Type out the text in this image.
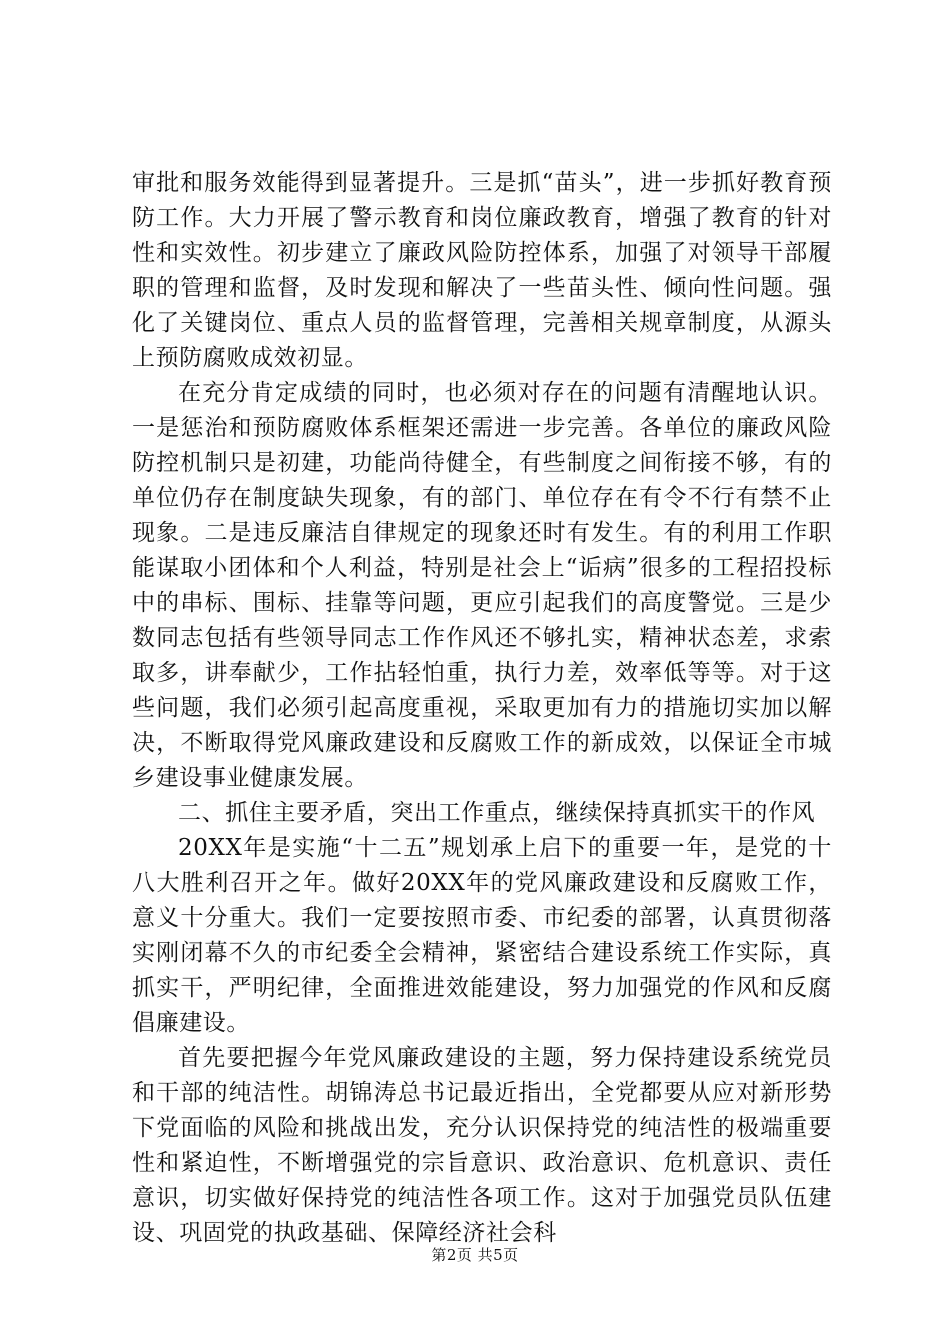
审批和服务效能得到显著提升。三是抓“苗头”，进一步抓好教育预防工作。大力开展了警示教育和岗位廉政教育，增强了教育的针对性和实效性。初步建立了廉政风险防控体系，加强了对领导干部履职的管理和监督，及时发现和解决了一些苗头性、倾向性问题。强化了关键岗位、重点人员的监督管理，完善相关规章制度，从源头上预防腐败成效初显。

在充分肯定成绩的同时，也必须对存在的问题有清醒地认识。一是惩治和预防腐败体系框架还需进一步完善。各单位的廉政风险防控机制只是初建，功能尚待健全，有些制度之间衔接不够，有的单位仍存在制度缺失现象，有的部门、单位存在有令不行有禁不止现象。二是违反廉洁自律规定的现象还时有发生。有的利用工作职能谋取小团体和个人利益，特别是社会上“诟病”很多的工程招投标中的串标、围标、挂靠等问题，更应引起我们的高度警觉。三是少数同志包括有些领导同志工作作风还不够扎实，精神状态差，求索取多，讲奉献少，工作拈轻怕重，执行力差，效率低等等。对于这些问题，我们必须引起高度重视，采取更加有力的措施切实加以解决，不断取得党风廉政建设和反腐败工作的新成效，以保证全市城乡建设事业健康发展。

二、抓住主要矛盾，突出工作重点，继续保持真抓实干的作风

20XX年是实施“十二五”规划承上启下的重要一年，是党的十八大胜利召开之年。做好20XX年的党风廉政建设和反腐败工作，意义十分重大。我们一定要按照市委、市纪委的部署，认真贯彻落实刚闭幕不久的市纪委全会精神，紧密结合建设系统工作实际，真抓实干，严明纪律，全面推进效能建设，努力加强党的作风和反腐倡廉建设。

首先要把握今年党风廉政建设的主题，努力保持建设系统党员和干部的纯洁性。胡锦涛总书记最近指出，全党都要从应对新形势下党面临的风险和挑战出发，充分认识保持党的纯洁性的极端重要性和紧迫性，不断增强党的宗旨意识、政治意识、危机意识、责任意识，切实做好保持党的纯洁性各项工作。这对于加强党员队伍建设、巩固党的执政基础、保障经济社会科

第2页 共5页
